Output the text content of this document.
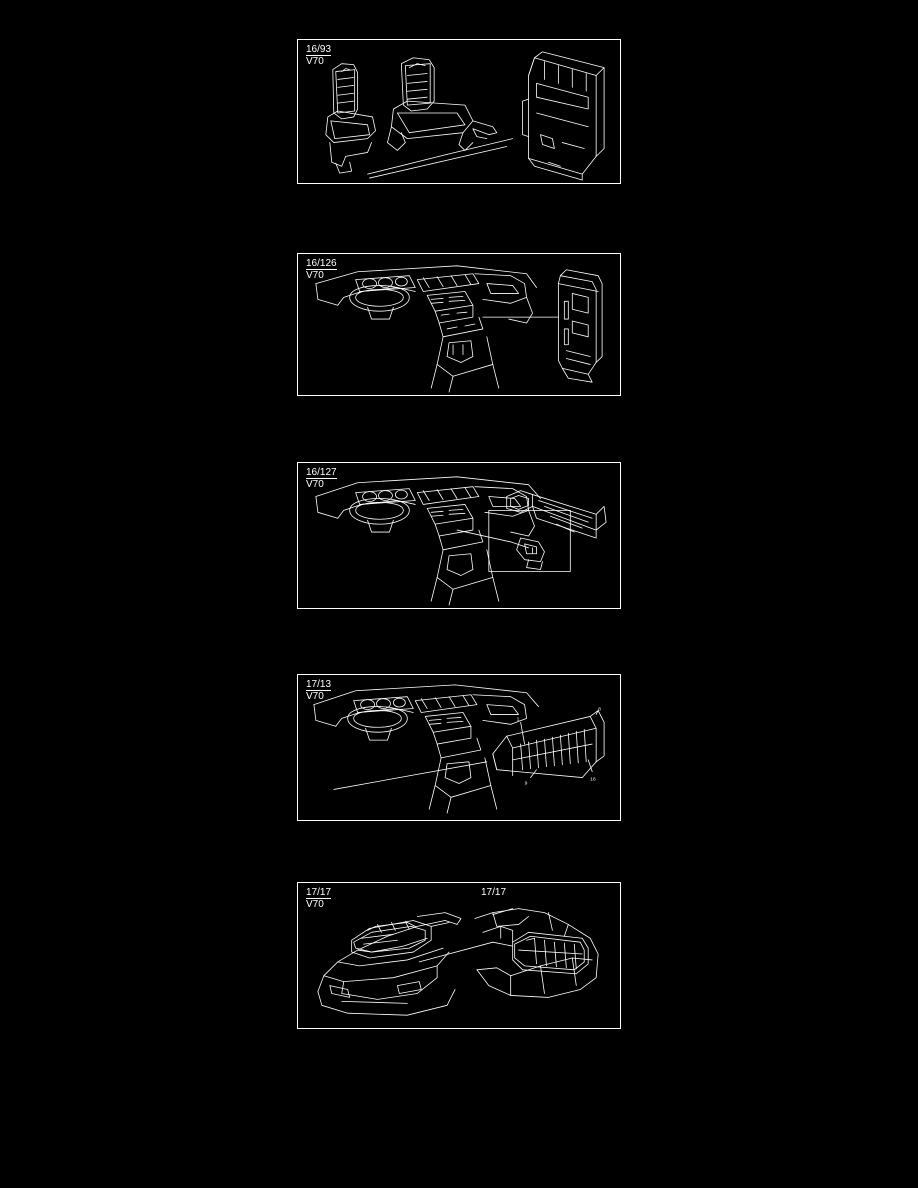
16/93
V70
16/126
V70
16/127
V70
1
8
9
16
17/13
V70
17/17
V70
17/17
